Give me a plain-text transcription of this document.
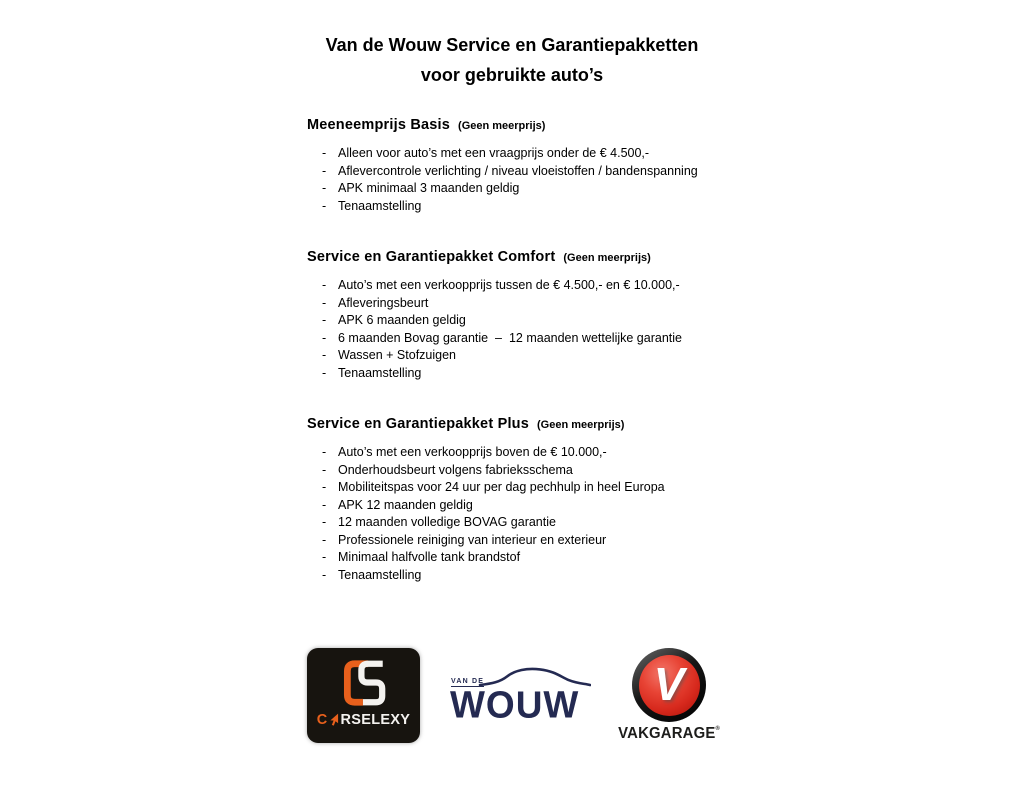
Van de Wouw Service en Garantiepakketten
voor gebruikte auto’s
Meeneemprijs Basis (Geen meerprijs)
- Alleen voor auto’s met een vraagprijs onder de € 4.500,-
- Aflevercontrole verlichting / niveau vloeistoffen / bandenspanning
- APK minimaal 3 maanden geldig
- Tenaamstelling
Service en Garantiepakket Comfort (Geen meerprijs)
- Auto’s met een verkoopprijs tussen de € 4.500,- en € 10.000,-
- Afleveringsbeurt
- APK 6 maanden geldig
- 6 maanden Bovag garantie  –  12 maanden wettelijke garantie
- Wassen + Stofzuigen
- Tenaamstelling
Service en Garantiepakket Plus (Geen meerprijs)
- Auto’s met een verkoopprijs boven de € 10.000,-
- Onderhoudsbeurt volgens fabrieksschema
- Mobiliteitspas voor 24 uur per dag pechhulp in heel Europa
- APK 12 maanden geldig
- 12 maanden volledige BOVAG garantie
- Professionele reiniging van interieur en exterieur
- Minimaal halfvolle tank brandstof
- Tenaamstelling
C RSELEXY
VAN DE
WOUW V
VAKGARAGE®
